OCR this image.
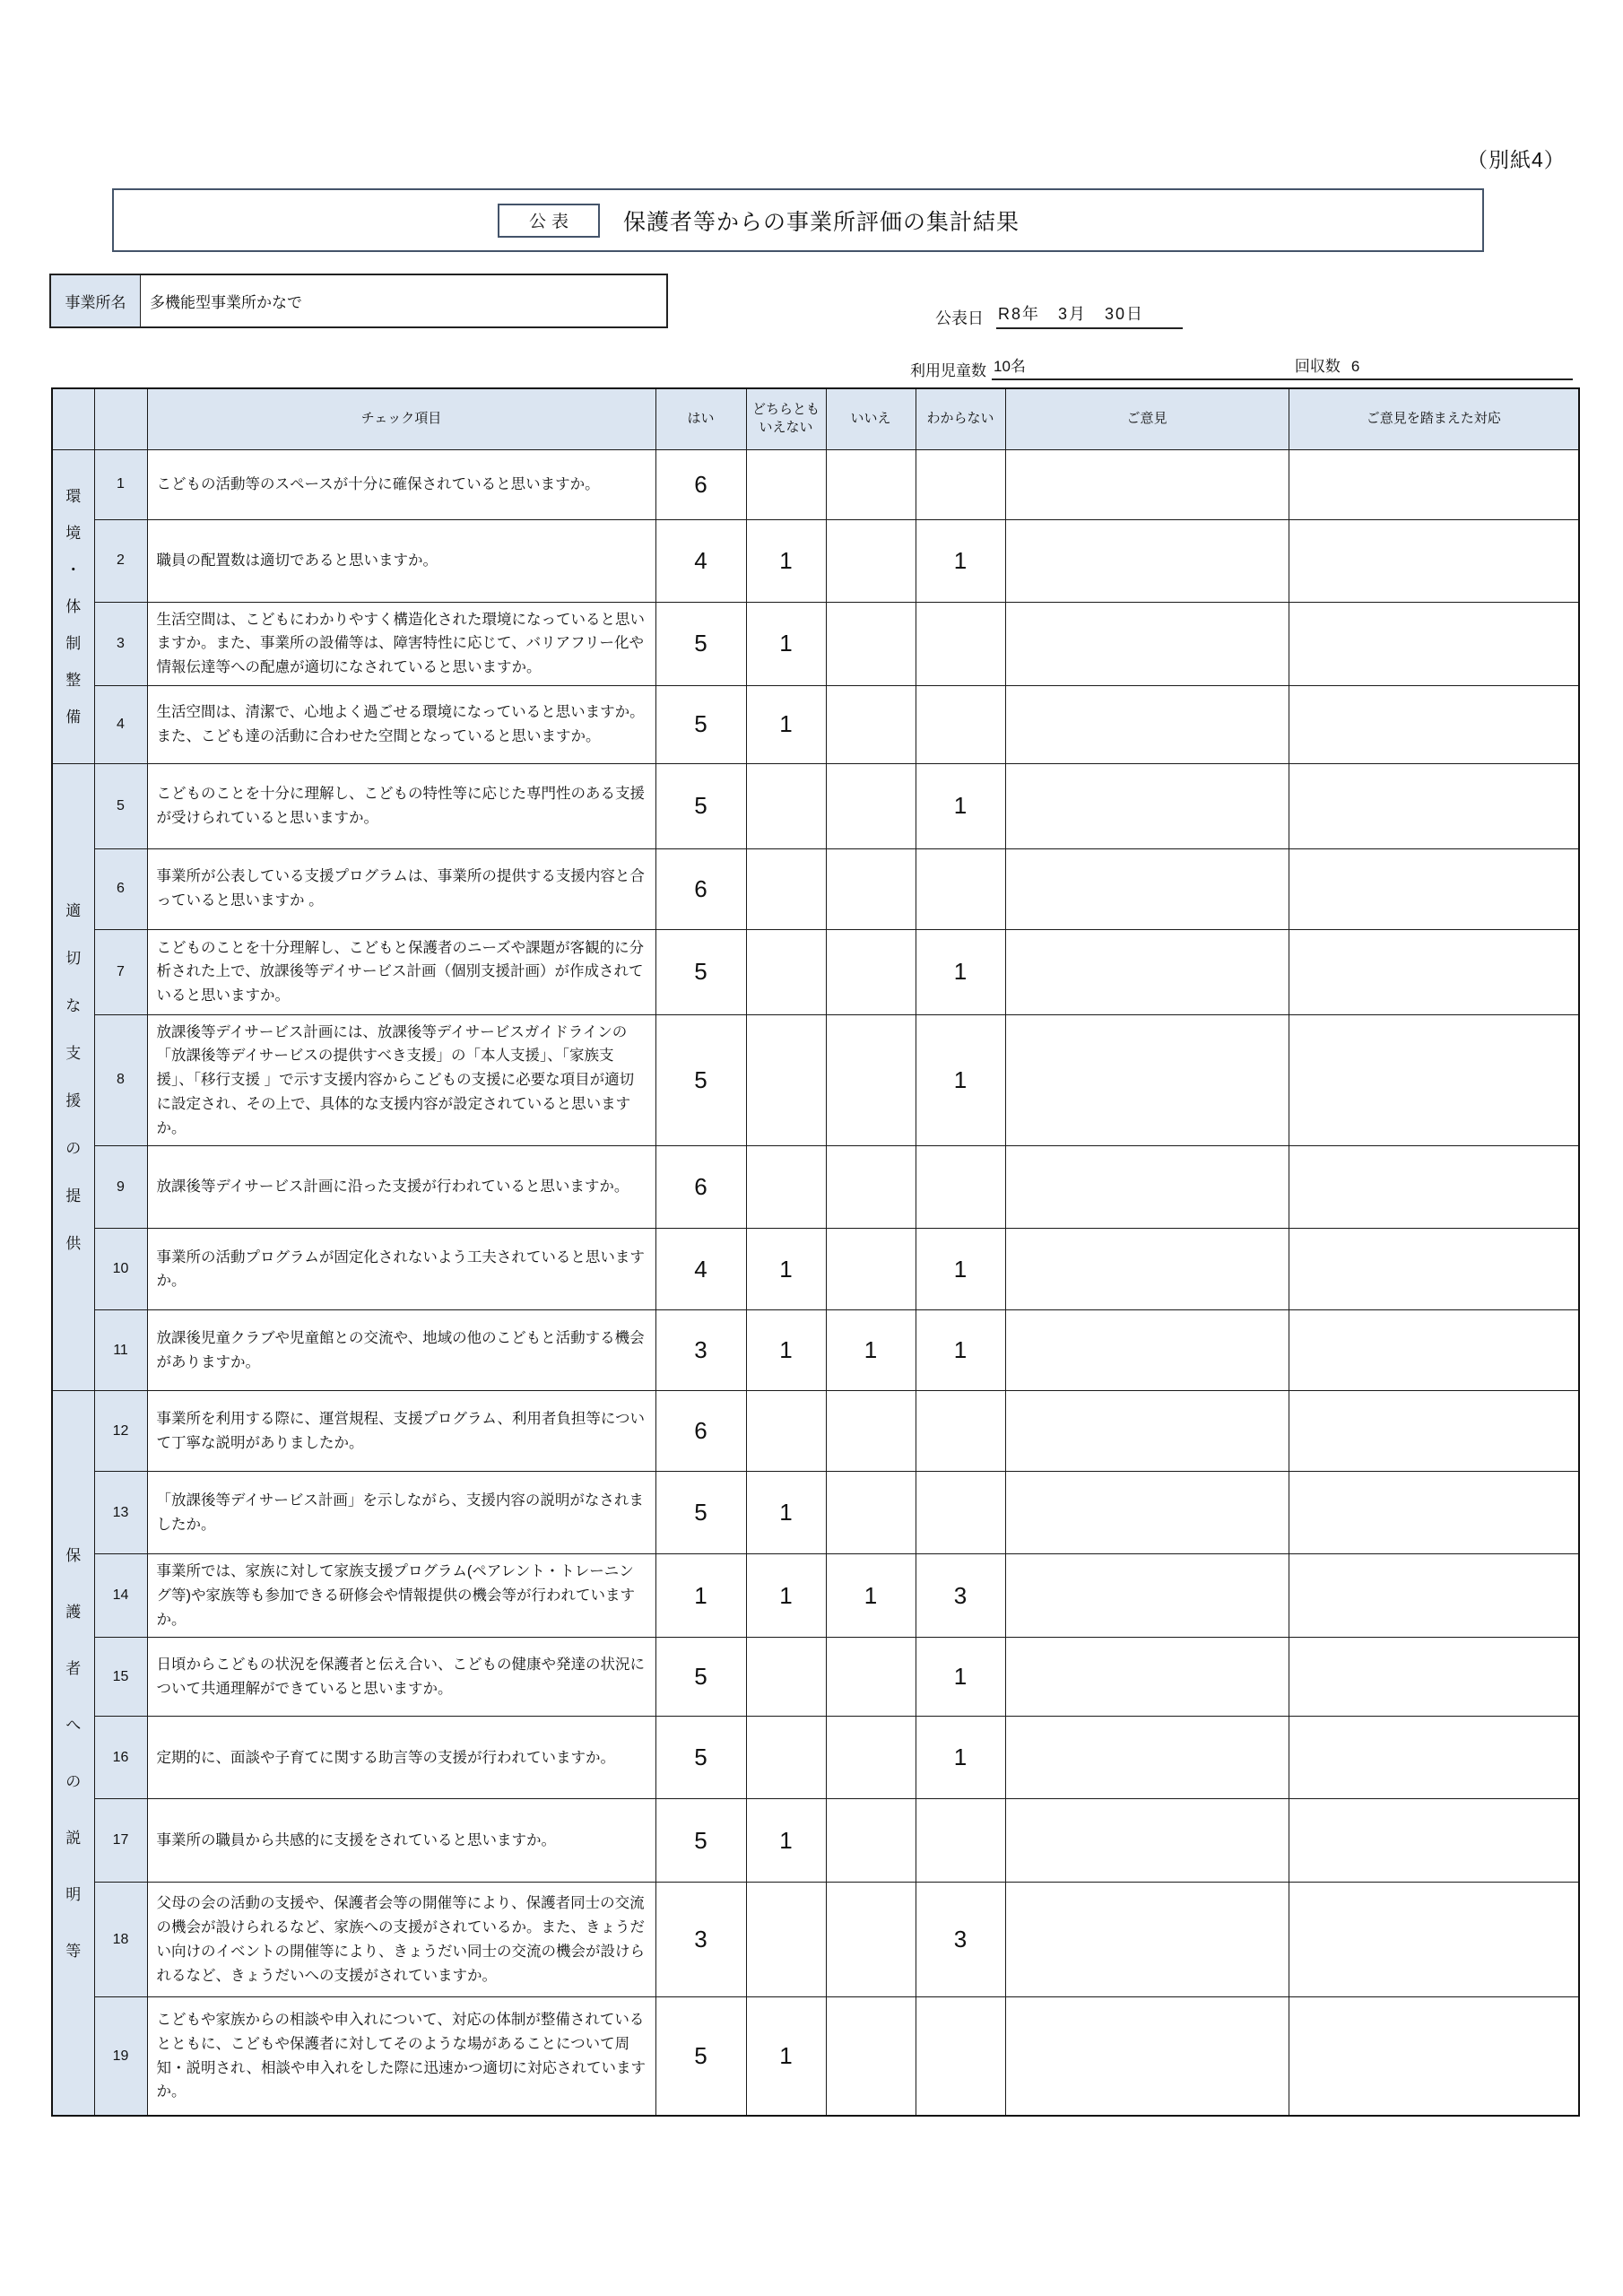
（別紙4）
公表	保護者等からの事業所評価の集計結果
事業所名	多機能型事業所かなで
公表日 R8年　3月　30日
利用児童数 10名	回収数 6
		チェック項目	はい	どちらとも いえない	いいえ	わからない	ご意見	ご意見を踏まえた対応

環
境
・
体
制
整
備
	1	こどもの活動等のスペースが十分に確保されていると思いますか。	6					
	2	職員の配置数は適切であると思いますか。	4	1		1		
	3	生活空間は、こどもにわかりやすく構造化された環境になっていると思いますか。また、事業所の設備等は、障害特性に応じて、バリアフリー化や情報伝達等への配慮が適切になされていると思いますか。	5	1				
	4	生活空間は、清潔で、心地よく過ごせる環境になっていると思いますか。また、こども達の活動に合わせた空間となっていると思いますか。	5	1				

適
切
な
支
援
の
提
供
	5	こどものことを十分に理解し、こどもの特性等に応じた専門性のある支援が受けられていると思いますか。	5			1		
	6	事業所が公表している支援プログラムは、事業所の提供する支援内容と合っていると思いますか 。	6					
	7	こどものことを十分理解し、こどもと保護者のニーズや課題が客観的に分析された上で、放課後等デイサービス計画（個別支援計画）が作成されていると思いますか。	5			1		
	8	放課後等デイサービス計画には、放課後等デイサービスガイドラインの「放課後等デイサービスの提供すべき支援」の「本人支援」、「家族支援」、「移行支援 」で示す支援内容からこどもの支援に必要な項目が適切に設定され、その上で、具体的な支援内容が設定されていると思いますか。	5			1		
	9	放課後等デイサービス計画に沿った支援が行われていると思いますか。	6					
	10	事業所の活動プログラムが固定化されないよう工夫されていると思いますか。	4	1		1		
	11	放課後児童クラブや児童館との交流や、地域の他のこどもと活動する機会がありますか。	3	1	1	1		

保
護
者
へ
の
説
明
等
	12	事業所を利用する際に、運営規程、支援プログラム、利用者負担等について丁寧な説明がありましたか。	6					
	13	「放課後等デイサービス計画」を示しながら、支援内容の説明がなされましたか。	5	1				
	14	事業所では、家族に対して家族支援プログラム(ペアレント・トレーニング等)や家族等も参加できる研修会や情報提供の機会等が行われていますか。	1	1	1	3		
	15	日頃からこどもの状況を保護者と伝え合い、こどもの健康や発達の状況について共通理解ができていると思いますか。	5			1		
	16	定期的に、面談や子育てに関する助言等の支援が行われていますか。	5			1		
	17	事業所の職員から共感的に支援をされていると思いますか。	5	1				
	18	父母の会の活動の支援や、保護者会等の開催等により、保護者同士の交流の機会が設けられるなど、家族への支援がされているか。また、きょうだい向けのイベントの開催等により、きょうだい同士の交流の機会が設けられるなど、きょうだいへの支援がされていますか。	3			3		
	19	こどもや家族からの相談や申入れについて、対応の体制が整備されているとともに、こどもや保護者に対してそのような場があることについて周知・説明され、相談や申入れをした際に迅速かつ適切に対応されていますか。	5	1				
